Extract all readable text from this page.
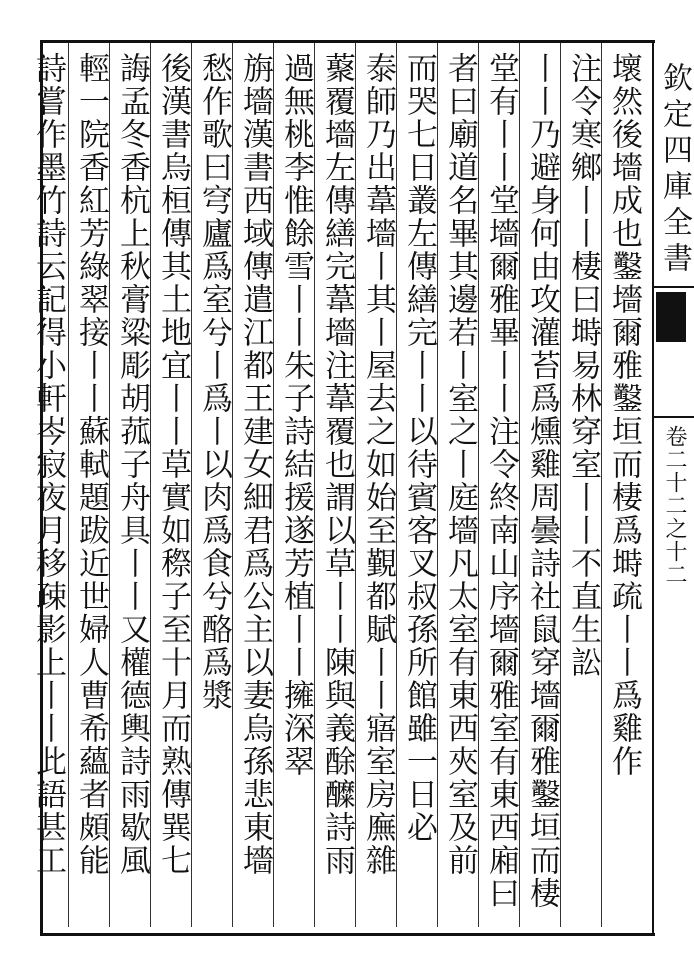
欽定四庫全書
卷二十二之十二
壞然後墻成也鑿墻爾雅鑿垣而棲爲塒疏丨丨爲雞作
注令寒鄉丨丨棲曰塒易林穿室丨丨不直生訟
丨丨乃避身何由攻灌苔爲燻雞周曇詩社鼠穿墻爾雅鑿垣而棲
堂有丨丨堂墻爾雅畢丨丨注令終南山序墻爾雅室有東西廂曰
者曰廟道名畢其邊若丨室之丨庭墻凡太室有東西夾室及前
而哭七日叢左傳繕完丨丨以待賓客叉叔孫所館雖一日必
泰師乃出葦墻丨其丨屋去之如始至覲都賦丨丨寤室房廡雜
藂覆墻左傳繕完葦墻注葦覆也謂以草丨丨陳與義酴醾詩雨
過無桃李惟餘雪丨丨朱子詩結援遂芳植丨丨擁深翠
旃墻漢書西域傳遣江都王建女細君爲公主以妻烏孫悲東墻
愁作歌曰穹廬爲室兮丨爲丨以肉爲食兮酪爲漿
後漢書烏桓傳其土地宜丨丨草實如穄子至十月而熟傳巽七
誨孟冬香杭上秋膏粱彫胡菰子舟具丨丨又權德輿詩雨歇風
輕一院香紅芳綠翠接丨丨蘇軾題跋近世婦人曹希蘊者頗能
詩嘗作墨竹詩云記得小軒岑寂夜月移疎影上丨丨此語甚工
